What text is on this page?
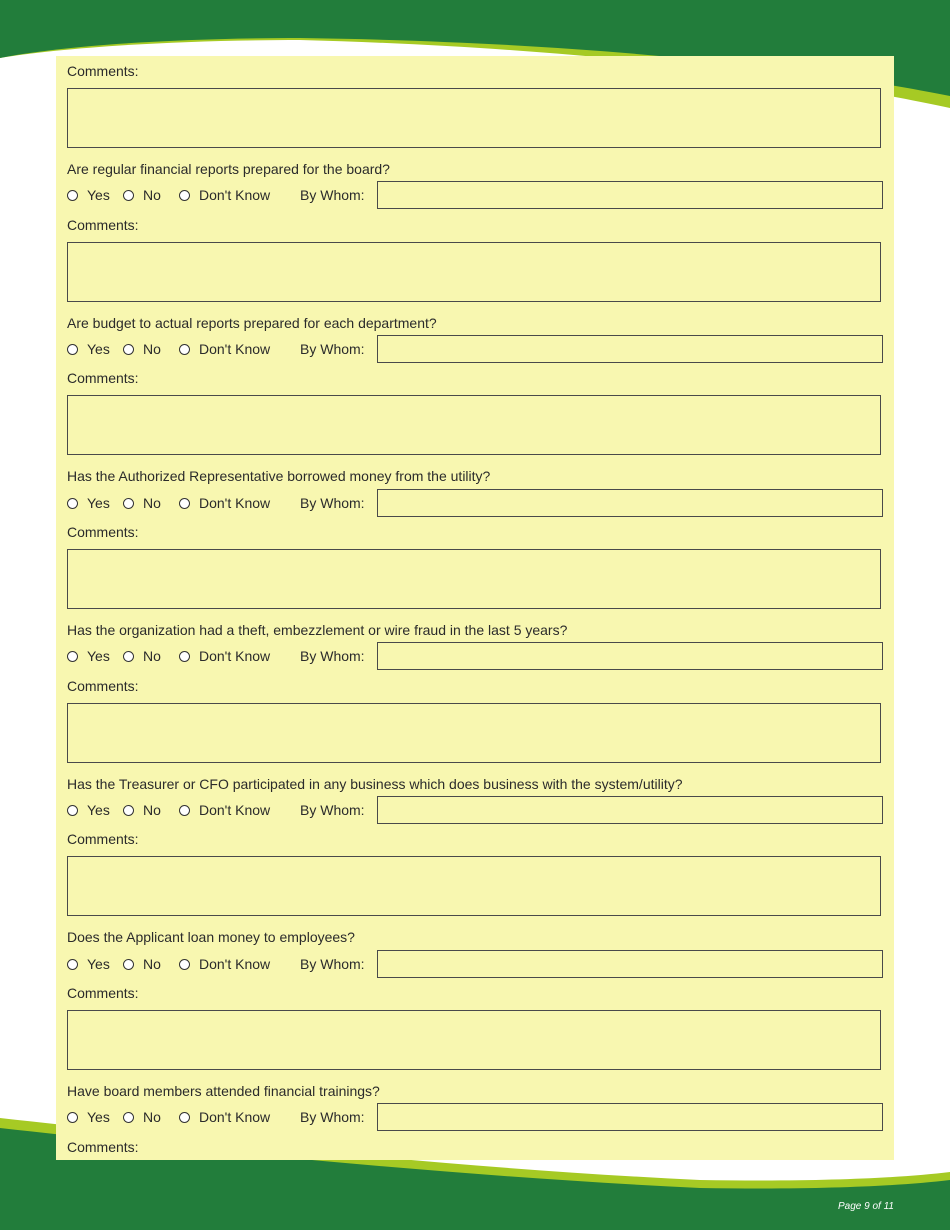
Comments:
Are regular financial reports prepared for the board?
Yes No	Don't Know By Whom:
Comments:
Are budget to actual reports prepared for each department?
Yes No	Don't Know By Whom:
Comments:
Has the Authorized Representative borrowed money from the utility?
Yes No	Don't Know By Whom:
Comments:
Has the organization had a theft, embezzlement or wire fraud in the last 5 years?
Yes No	Don't Know By Whom:
Comments:
Has the Treasurer or CFO participated in any business which does business with the system/utility?
Yes No	Don't Know By Whom:
Comments:
Does the Applicant loan money to employees?
Yes No	Don't Know By Whom:
Comments:
Have board members attended financial trainings?
Yes No	Don't Know By Whom:
Comments:
Page 9 of 11
